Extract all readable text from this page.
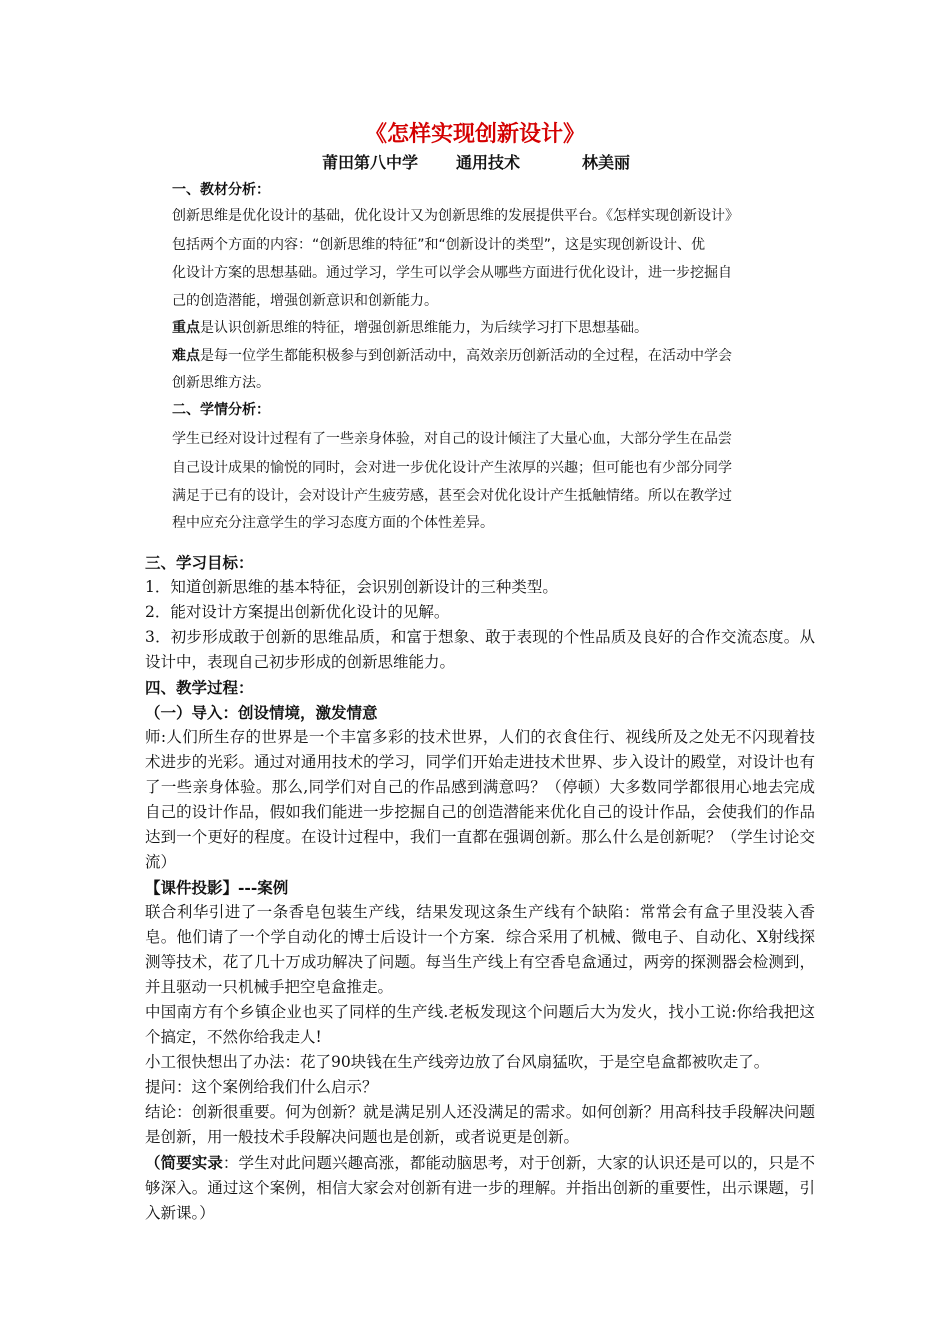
《怎样实现创新设计》
莆田第八中学 通用技术	林美丽
一、教材分析：
创新思维是优化设计的基础，优化设计又为创新思维的发展提供平台。《怎样实现创新设计》
包括两个方面的内容：“创新思维的特征”和“创新设计的类型”，这是实现创新设计、优
化设计方案的思想基础。通过学习，学生可以学会从哪些方面进行优化设计，进一步挖掘自
己的创造潜能，增强创新意识和创新能力。
重点是认识创新思维的特征，增强创新思维能力，为后续学习打下思想基础。
难点是每一位学生都能积极参与到创新活动中，高效亲历创新活动的全过程，在活动中学会
创新思维方法。
二、学情分析：
学生已经对设计过程有了一些亲身体验，对自己的设计倾注了大量心血，大部分学生在品尝
自己设计成果的愉悦的同时，会对进一步优化设计产生浓厚的兴趣；但可能也有少部分同学
满足于已有的设计，会对设计产生疲劳感，甚至会对优化设计产生抵触情绪。所以在教学过
程中应充分注意学生的学习态度方面的个体性差异。

三、学习目标：

1．知道创新思维的基本特征，会识别创新设计的三种类型。

2．能对设计方案提出创新优化设计的见解。

3．初步形成敢于创新的思维品质，和富于想象、敢于表现的个性品质及良好的合作交流态度。从设计中，表现自己初步形成的创新思维能力。

四、教学过程：

（一）导入：创设情境，激发情意

师:人们所生存的世界是一个丰富多彩的技术世界，人们的衣食住行、视线所及之处无不闪现着技术进步的光彩。通过对通用技术的学习，同学们开始走进技术世界、步入设计的殿堂，对设计也有了一些亲身体验。那么,同学们对自己的作品感到满意吗？（停顿）大多数同学都很用心地去完成自己的设计作品，假如我们能进一步挖掘自己的创造潜能来优化自己的设计作品，会使我们的作品达到一个更好的程度。在设计过程中，我们一直都在强调创新。那么什么是创新呢？（学生讨论交流）

【课件投影】---案例

联合利华引进了一条香皂包装生产线，结果发现这条生产线有个缺陷：常常会有盒子里没装入香皂。他们请了一个学自动化的博士后设计一个方案．综合采用了机械、微电子、自动化、X射线探测等技术，花了几十万成功解决了问题。每当生产线上有空香皂盒通过，两旁的探测器会检测到，并且驱动一只机械手把空皂盒推走。

中国南方有个乡镇企业也买了同样的生产线.老板发现这个问题后大为发火，找小工说:你给我把这个搞定，不然你给我走人!

小工很快想出了办法：花了90块钱在生产线旁边放了台风扇猛吹，于是空皂盒都被吹走了。

提问：这个案例给我们什么启示？

结论：创新很重要。何为创新？就是满足别人还没满足的需求。如何创新？用高科技手段解决问题是创新，用一般技术手段解决问题也是创新，或者说更是创新。

（简要实录：学生对此问题兴趣高涨，都能动脑思考，对于创新，大家的认识还是可以的，只是不够深入。通过这个案例，相信大家会对创新有进一步的理解。并指出创新的重要性，出示课题，引入新课。）
